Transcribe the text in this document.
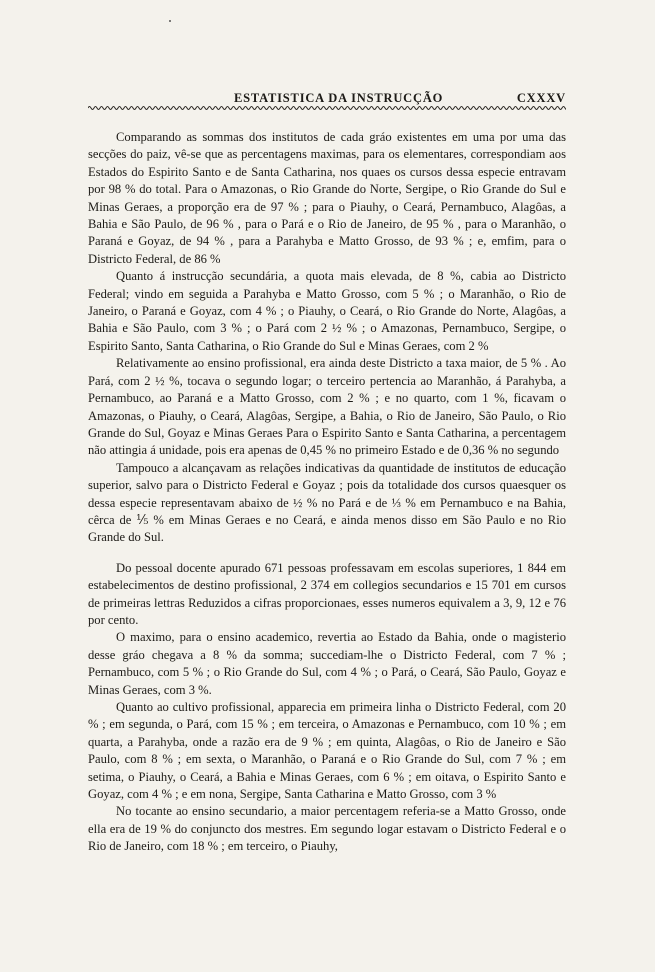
ESTATISTICA DA INSTRUCÇÃO	CXXXV

Comparando as sommas dos institutos de cada gráo existentes em uma por uma das secções do paiz, vê-se que as percentagens maximas, para os elementares, correspondiam aos Estados do Espirito Santo e de Santa Catharina, nos quaes os cursos dessa especie entravam por 98 % do total. Para o Amazonas, o Rio Grande do Norte, Sergipe, o Rio Grande do Sul e Minas Geraes, a proporção era de 97 % ; para o Piauhy, o Ceará, Pernambuco, Alagôas, a Bahia e São Paulo, de 96 % , para o Pará e o Rio de Janeiro, de 95 % , para o Maranhão, o Paraná e Goyaz, de 94 % , para a Parahyba e Matto Grosso, de 93 % ; e, emfim, para o Districto Federal, de 86 %

Quanto á instrucção secundária, a quota mais elevada, de 8 %, cabia ao Districto Federal; vindo em seguida a Parahyba e Matto Grosso, com 5 % ; o Maranhão, o Rio de Janeiro, o Paraná e Goyaz, com 4 % ; o Piauhy, o Ceará, o Rio Grande do Norte, Alagôas, a Bahia e São Paulo, com 3 % ; o Pará com 2 ½ % ; o Amazonas, Pernambuco, Sergipe, o Espirito Santo, Santa Catharina, o Rio Grande do Sul e Minas Geraes, com 2 %

Relativamente ao ensino profissional, era ainda deste Districto a taxa maior, de 5 % . Ao Pará, com 2 ½ %, tocava o segundo logar; o terceiro pertencia ao Maranhão, á Parahyba, a Pernambuco, ao Paraná e a Matto Grosso, com 2 % ; e no quarto, com 1 %, ficavam o Amazonas, o Piauhy, o Ceará, Alagôas, Sergipe, a Bahia, o Rio de Janeiro, São Paulo, o Rio Grande do Sul, Goyaz e Minas Geraes Para o Espirito Santo e Santa Catharina, a percentagem não attingia á unidade, pois era apenas de 0,45 % no primeiro Estado e de 0,36 % no segundo

Tampouco a alcançavam as relações indicativas da quantidade de institutos de educação superior, salvo para o Districto Federal e Goyaz ; pois da totalidade dos cursos quaesquer os dessa especie representavam abaixo de ½ % no Pará e de ⅓ % em Pernambuco e na Bahia, cêrca de ⅕ % em Minas Geraes e no Ceará, e ainda menos disso em São Paulo e no Rio Grande do Sul.

Do pessoal docente apurado 671 pessoas professavam em escolas superiores, 1 844 em estabelecimentos de destino profissional, 2 374 em collegios secundarios e 15 701 em cursos de primeiras lettras Reduzidos a cifras proporcionaes, esses numeros equivalem a 3, 9, 12 e 76 por cento.

O maximo, para o ensino academico, revertia ao Estado da Bahia, onde o magisterio desse gráo chegava a 8 % da somma; succediam-lhe o Districto Federal, com 7 % ; Pernambuco, com 5 % ; o Rio Grande do Sul, com 4 % ; o Pará, o Ceará, São Paulo, Goyaz e Minas Geraes, com 3 %.

Quanto ao cultivo profissional, apparecia em primeira linha o Districto Federal, com 20 % ; em segunda, o Pará, com 15 % ; em terceira, o Amazonas e Pernambuco, com 10 % ; em quarta, a Parahyba, onde a razão era de 9 % ; em quinta, Alagôas, o Rio de Janeiro e São Paulo, com 8 % ; em sexta, o Maranhão, o Paraná e o Rio Grande do Sul, com 7 % ; em setima, o Piauhy, o Ceará, a Bahia e Minas Geraes, com 6 % ; em oitava, o Espirito Santo e Goyaz, com 4 % ; e em nona, Sergipe, Santa Catharina e Matto Grosso, com 3 %

No tocante ao ensino secundario, a maior percentagem referia-se a Matto Grosso, onde ella era de 19 % do conjuncto dos mestres. Em segundo logar estavam o Districto Federal e o Rio de Janeiro, com 18 % ; em terceiro, o Piauhy,
